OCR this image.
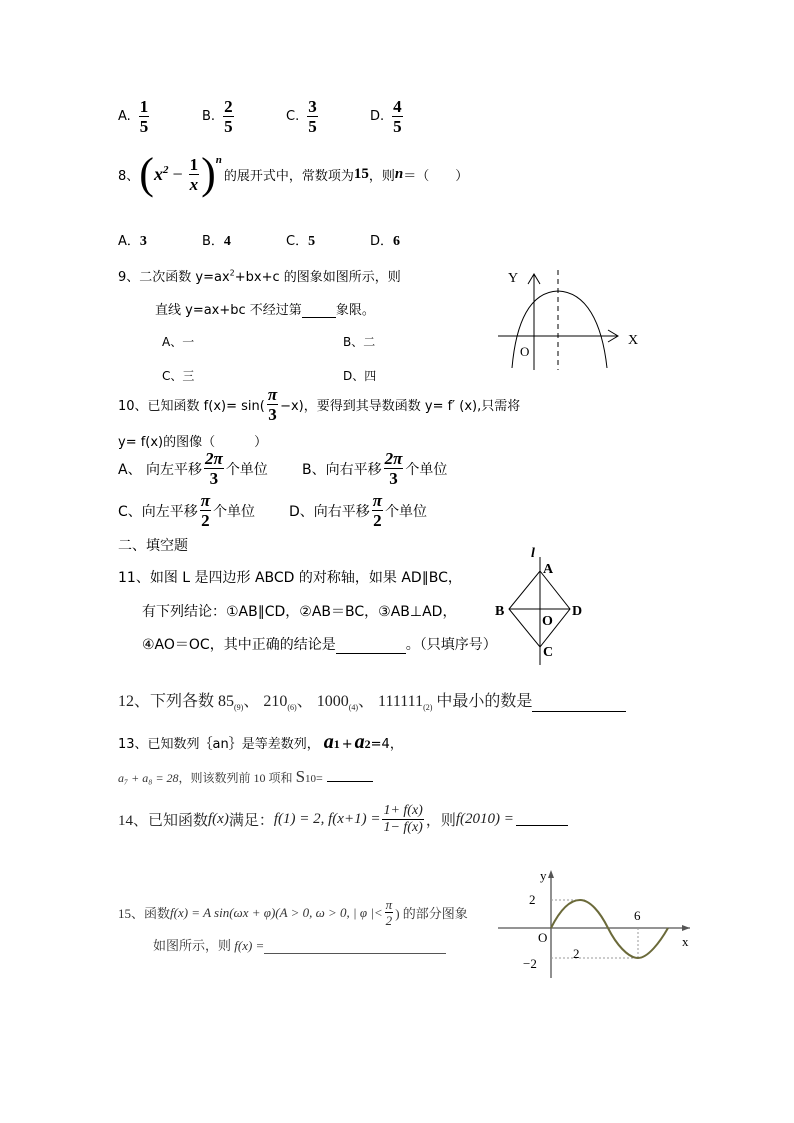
A. $\frac{1}{5}$	B. $\frac{2}{5}$	C. $\frac{3}{5}$	D. $\frac{4}{5}$
8、 ( $x^2 - \frac{1}{x} )^n$
的展开式中，常数项为 15 ，则 n ＝（　　）
A．3	B．4	C．5	D．6
9、二次函数 $y=ax^2+bx+c$ 的图象如图所示，则
直线 y=ax+bc 不经过第	象限。
A、一	B、二
C、三	D、四
Y
X
O
10、已知函数 $f(x)= \sin( \frac{\pi}{3} -x)$，要得到其导数函数 y= f′ (x),只需将
y= f(x)的图像（　　　）
A、 向左平移 $\frac{2\pi}{3}$ 个单位 B、向右平移 $\frac{2\pi}{3}$ 个单位
C、向左平移 $\frac{\pi}{2}$ 个单位 D、向右平移 $\frac{\pi}{2}$ 个单位
二、填空题
11、如图 L 是四边形 ABCD 的对称轴，如果 AD∥BC，
有下列结论：①AB∥CD，②AB＝BC，③AB⊥AD，
④AO＝OC，其中正确的结论是	。（只填序号）
l
A
B	D
O
C
12、下列各数 $85_{(9)}$、 $210_{(6)}$、 $1000_{(4)}$、 $111111_{(2)}$ 中最小的数是
13、已知数列｛an｝是等差数列， a 1 + a 2 =4，
a₇ + a₈ = 28 ，则该数列前 10 项和 S 10 =
14、已知函数 f(x) 满足： f(1) = 2, $f(x+1) = \frac{1+ f(x)}{1- f(x)}$ ，则 f(2010) =
15、函数 f(x) = A sin(ωx + φ)(A > 0, ω > 0, | φ |< $\frac{\pi}{2}$ ) 的部分图象
如图所示，则 f(x) =
y
x
O
2
−2
2
6
